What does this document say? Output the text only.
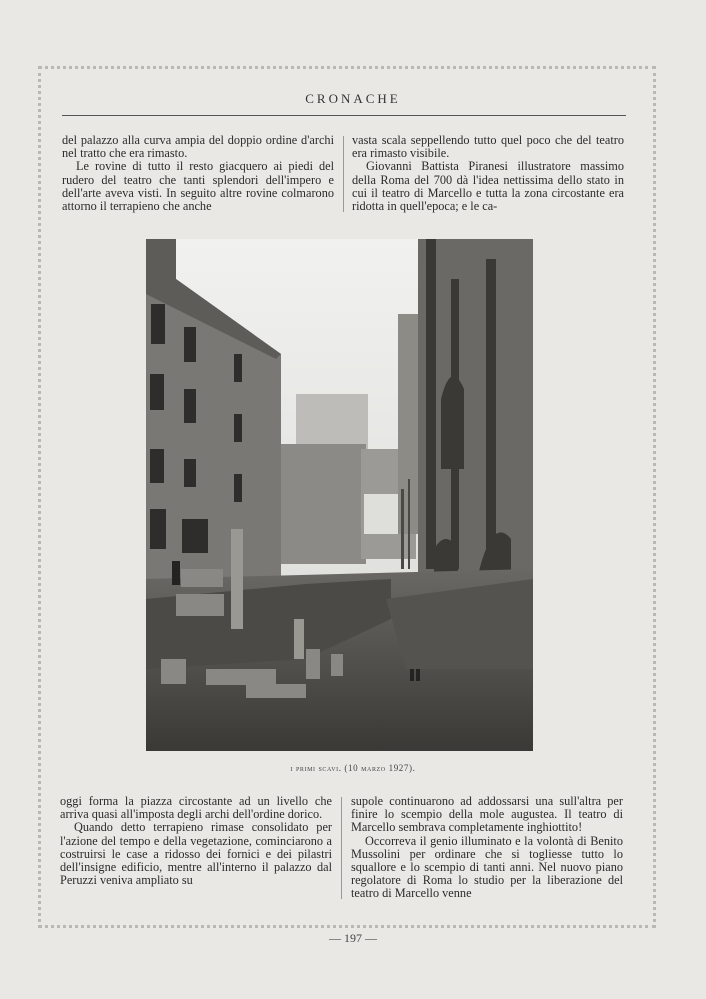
CRONACHE

del palazzo alla curva ampia del doppio ordine d'archi nel tratto che era rimasto.

Le rovine di tutto il resto giacquero ai piedi del rudero del teatro che tanti splendori dell'impero e dell'arte aveva visti. In seguito altre rovine colmarono attorno il terrapieno che anche

vasta scala seppellendo tutto quel poco che del teatro era rimasto visibile.

Giovanni Battista Piranesi illustratore massimo della Roma del 700 dà l'idea nettissima dello stato in cui il teatro di Marcello e tutta la zona circostante era ridotta in quell'epoca; e le ca-

i primi scavi. (10 marzo 1927).

oggi forma la piazza circostante ad un livello che arriva quasi all'imposta degli archi dell'ordine dorico.

Quando detto terrapieno rimase consolidato per l'azione del tempo e della vegetazione, cominciarono a costruirsi le case a ridosso dei fornici e dei pilastri dell'insigne edificio, mentre all'interno il palazzo dal Peruzzi veniva ampliato su

supole continuarono ad addossarsi una sull'altra per finire lo scempio della mole augustea. Il teatro di Marcello sembrava completamente inghiottito!

Occorreva il genio illuminato e la volontà di Benito Mussolini per ordinare che si togliesse tutto lo squallore e lo scempio di tanti anni. Nel nuovo piano regolatore di Roma lo studio per la liberazione del teatro di Marcello venne

— 197 —
